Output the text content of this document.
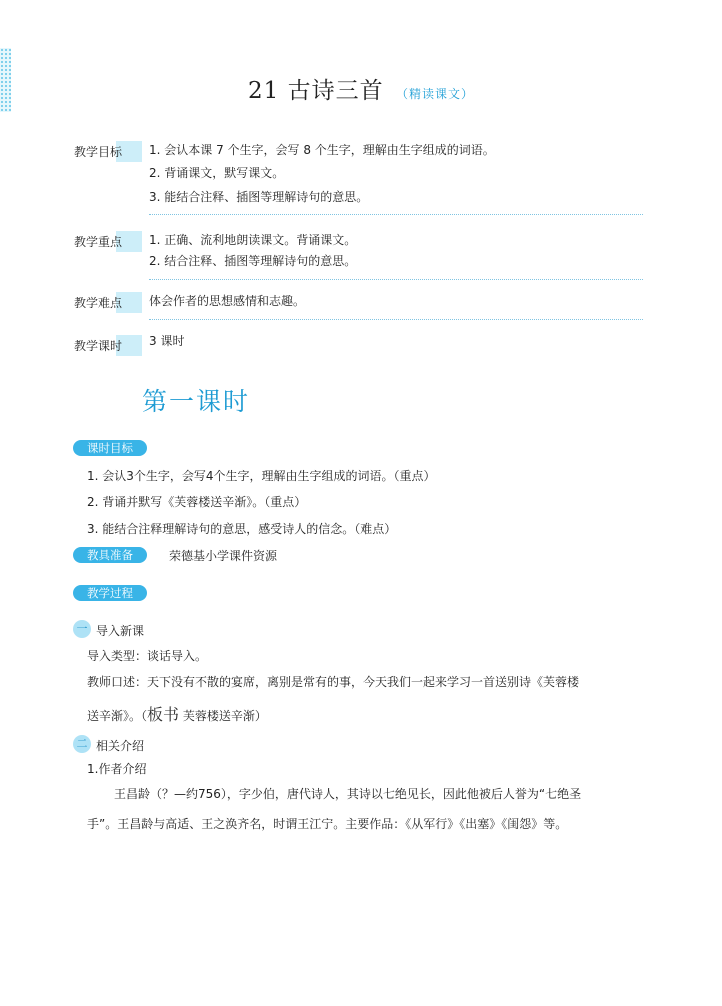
21 古诗三首 （精读课文）
教学目标	1. 会认本课 7 个生字，会写 8 个生字，理解由生字组成的词语。
2. 背诵课文，默写课文。
3. 能结合注释、插图等理解诗句的意思。
教学重点	1. 正确、流利地朗读课文。背诵课文。
2. 结合注释、插图等理解诗句的意思。
教学难点	体会作者的思想感情和志趣。
教学课时	3 课时
第一课时
课时目标
1. 会认3个生字，会写4个生字，理解由生字组成的词语。（重点）
2. 背诵并默写《芙蓉楼送辛渐》。（重点）
3. 能结合注释理解诗句的意思，感受诗人的信念。（难点）
教具准备	荣德基小学课件资源
教学过程
一 导入新课
导入类型：谈话导入。
教师口述：天下没有不散的宴席，离别是常有的事，今天我们一起来学习一首送别诗《芙蓉楼
送辛渐》。（板书 芙蓉楼送辛渐）
二 相关介绍
1.作者介绍
王昌龄（？—约756），字少伯，唐代诗人，其诗以七绝见长，因此他被后人誉为“七绝圣
手”。王昌龄与高适、王之涣齐名，时谓王江宁。主要作品：《从军行》《出塞》《闺怨》等。
